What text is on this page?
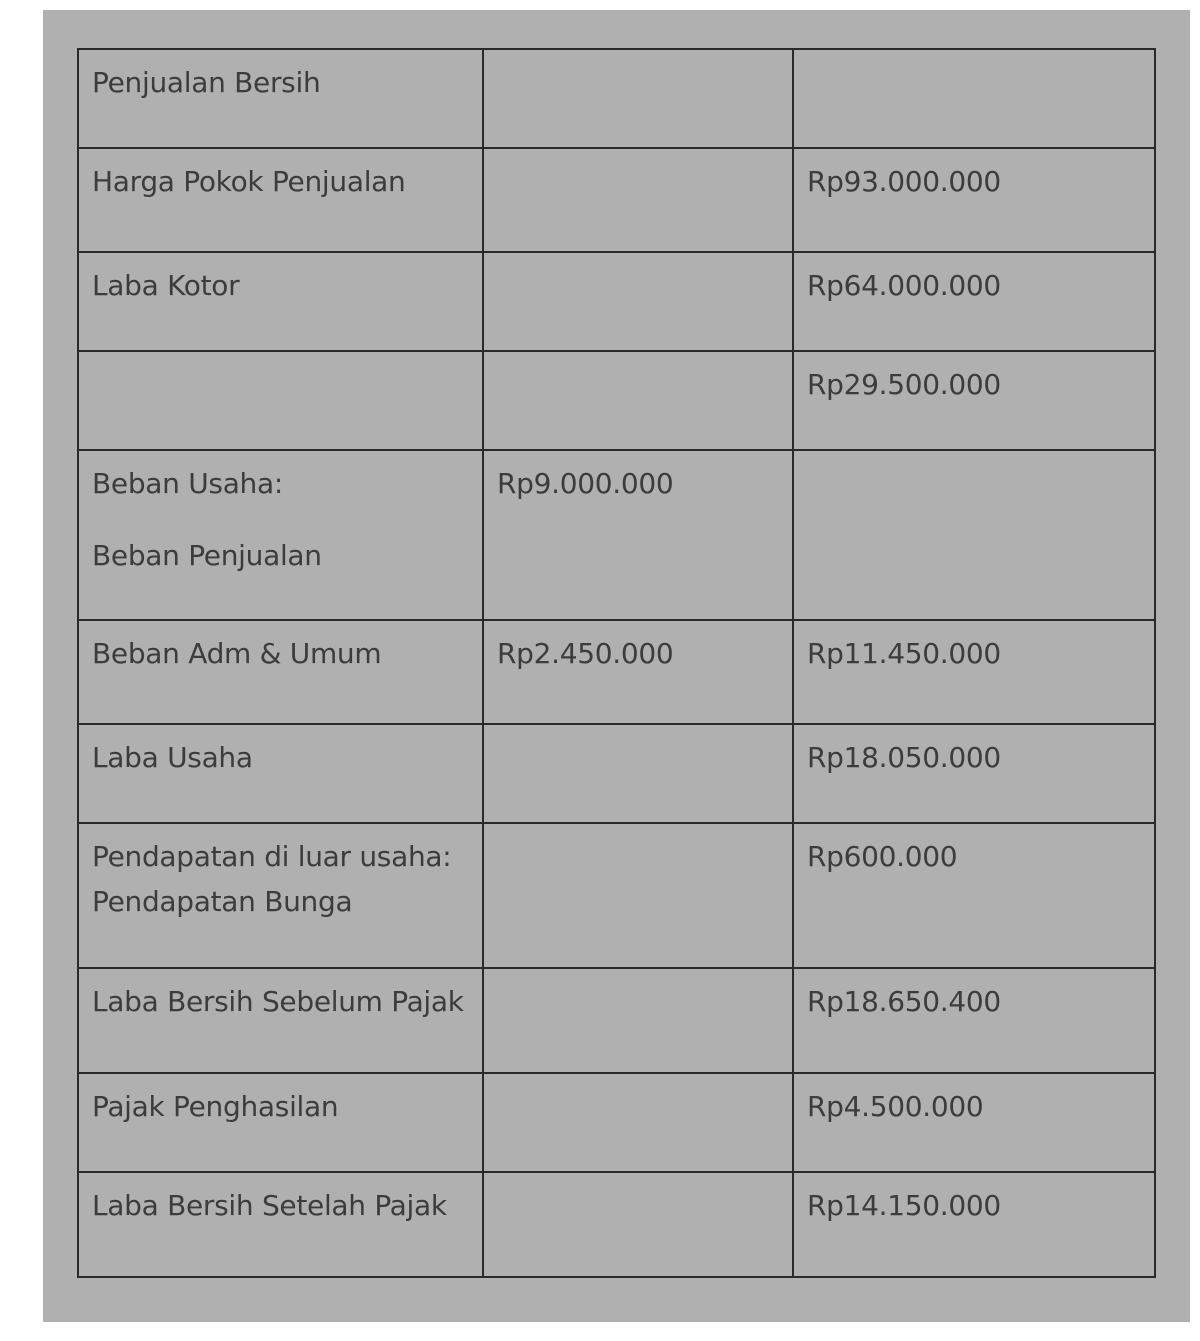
Penjualan Bersih		
Harga Pokok Penjualan		Rp93.000.000
Laba Kotor		Rp64.000.000
		Rp29.500.000

Beban Usaha:
Beban Penjualan	Rp9.000.000	
Beban Adm & Umum	Rp2.450.000	Rp11.450.000
Laba Usaha		Rp18.050.000

Pendapatan di luar usaha:
Pendapatan Bunga		Rp600.000
Laba Bersih Sebelum Pajak		Rp18.650.400
Pajak Penghasilan		Rp4.500.000
Laba Bersih Setelah Pajak		Rp14.150.000
